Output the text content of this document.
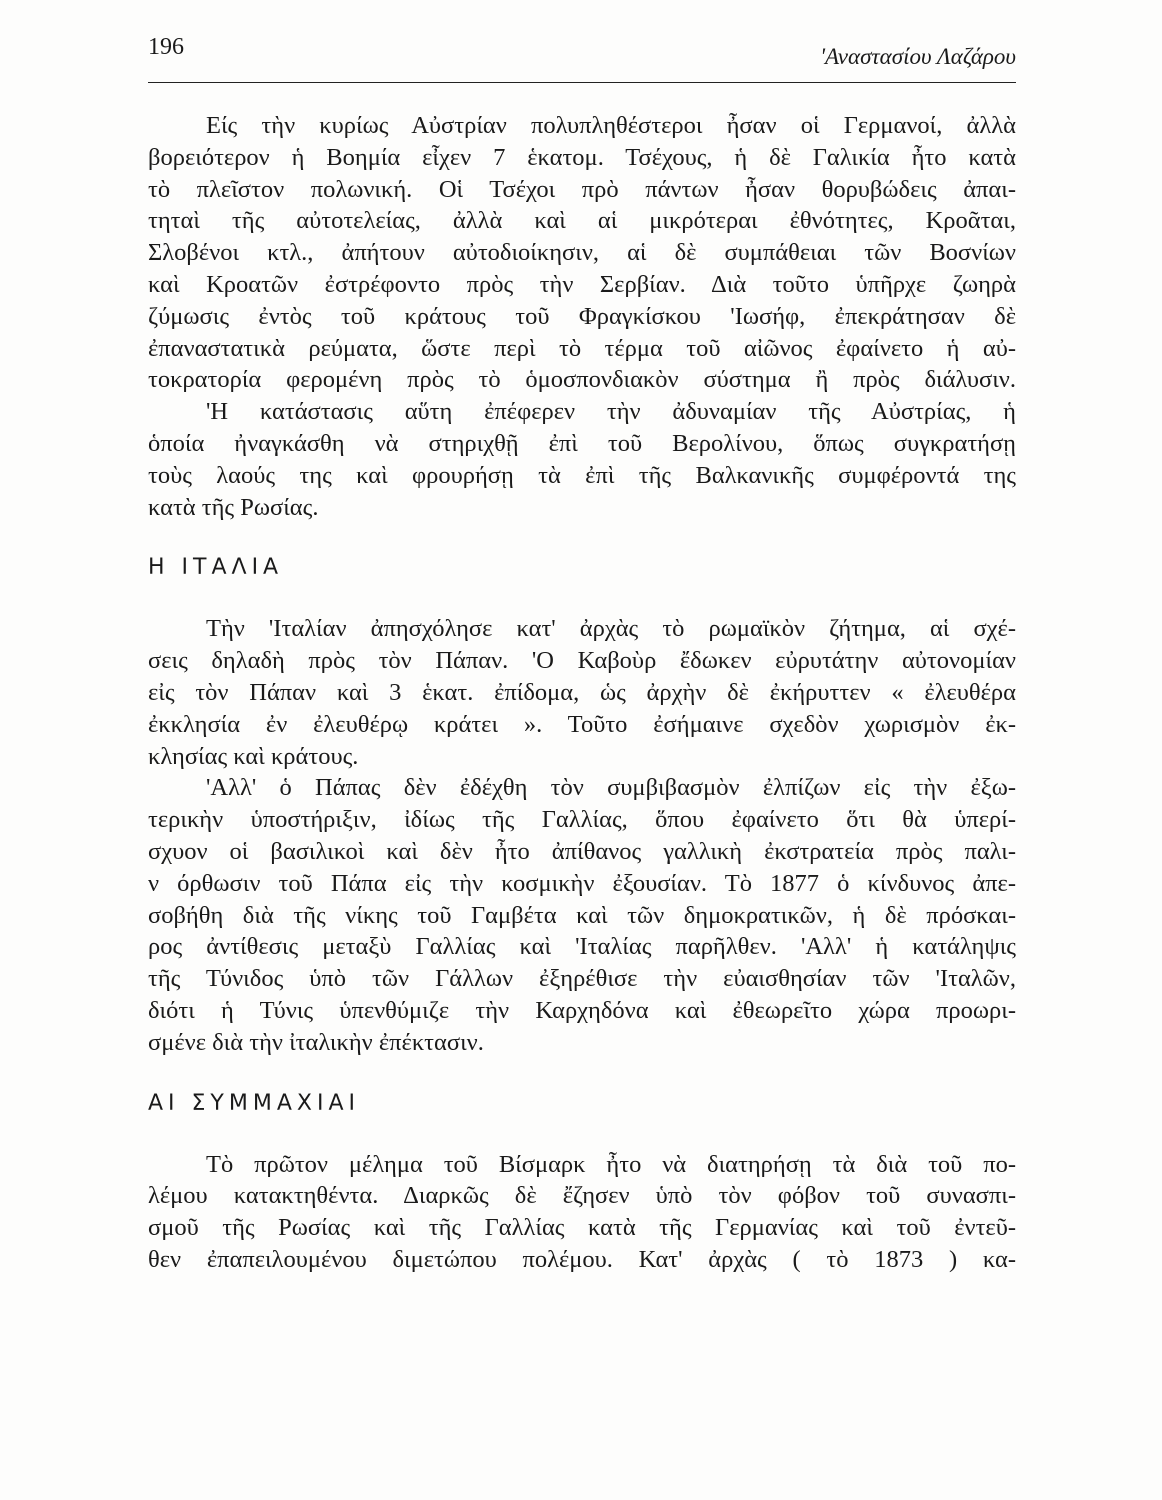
196	'Αναστασίου Λαζάρου
Είς τὴν κυρίως Αὐστρίαν πολυπληθέστεροι ἦσαν οἱ Γερμανοί, ἀλλὰ
βορειότερον ἡ Βοημία εἶχεν 7 ἑκατομ. Τσέχους, ἡ δὲ Γαλικία ἦτο κατὰ
τὸ πλεῖστον πολωνική. Οἱ Τσέχοι πρὸ πάντων ἦσαν θορυβώδεις ἀπαι-
τηταὶ τῆς αὐτοτελείας, ἀλλὰ καὶ αἱ μικρότεραι ἐθνότητες, Κροᾶται,
Σλοβένοι κτλ., ἀπήτουν αὐτοδιοίκησιν, αἱ δὲ συμπάθειαι τῶν Βοσνίων
καὶ Κροατῶν ἐστρέφοντο πρὸς τὴν Σερβίαν. Διὰ τοῦτο ὑπῆρχε ζωηρὰ
ζύμωσις ἐντὸς τοῦ κράτους τοῦ Φραγκίσκου 'Ιωσήφ, ἐπεκράτησαν δὲ
ἐπαναστατικὰ ρεύματα, ὥστε περὶ τὸ τέρμα τοῦ αἰῶνος ἐφαίνετο ἡ αὐ-
τοκρατορία φερομένη πρὸς τὸ ὁμοσπονδιακὸν σύστημα ἢ πρὸς διάλυσιν.
'Η κατάστασις αὕτη ἐπέφερεν τὴν ἀδυναμίαν τῆς Αὐστρίας, ἡ
ὁποία ἠναγκάσθη νὰ στηριχθῇ ἐπὶ τοῦ Βερολίνου, ὅπως συγκρατήσῃ
τοὺς λαούς της καὶ φρουρήσῃ τὰ ἐπὶ τῆς Βαλκανικῆς συμφέροντά της
κατὰ τῆς Ρωσίας.
Η ΙΤΑΛΙΑ
Τὴν 'Ιταλίαν ἀπησχόλησε κατ' ἀρχὰς τὸ ρωμαϊκὸν ζήτημα, αἱ σχέ-
σεις δηλαδὴ πρὸς τὸν Πάπαν. 'Ο Καβοὺρ ἔδωκεν εὐρυτάτην αὐτονομίαν
εἰς τὸν Πάπαν καὶ 3 ἑκατ. ἐπίδομα, ὡς ἀρχὴν δὲ ἐκήρυττεν « ἐλευθέρα
ἐκκλησία ἐν ἐλευθέρῳ κράτει ». Τοῦτο ἐσήμαινε σχεδὸν χωρισμὸν ἐκ-
κλησίας καὶ κράτους.
'Αλλ' ὁ Πάπας δὲν ἐδέχθη τὸν συμβιβασμὸν ἐλπίζων εἰς τὴν ἐξω-
τερικὴν ὑποστήριξιν, ἰδίως τῆς Γαλλίας, ὅπου ἐφαίνετο ὅτι θὰ ὑπερί-
σχυον οἱ βασιλικοὶ καὶ δὲν ἦτο ἀπίθανος γαλλικὴ ἐκστρατεία πρὸς παλι-
ν όρθωσιν τοῦ Πάπα εἰς τὴν κοσμικὴν ἐξουσίαν. Τὸ 1877 ὁ κίνδυνος ἀπε-
σοβήθη διὰ τῆς νίκης τοῦ Γαμβέτα καὶ τῶν δημοκρατικῶν, ἡ δὲ πρόσκαι-
ρος ἀντίθεσις μεταξὺ Γαλλίας καὶ 'Ιταλίας παρῆλθεν. 'Αλλ' ἡ κατάληψις
τῆς Τύνιδος ὑπὸ τῶν Γάλλων ἐξηρέθισε τὴν εὐαισθησίαν τῶν 'Ιταλῶν,
διότι ἡ Τύνις ὑπενθύμιζε τὴν Καρχηδόνα καὶ ἐθεωρεῖτο χώρα προωρι-
σμένε διὰ τὴν ἰταλικὴν ἐπέκτασιν.
ΑΙ ΣΥΜΜΑΧΙΑΙ
Τὸ πρῶτον μέλημα τοῦ Βίσμαρκ ἦτο νὰ διατηρήσῃ τὰ διὰ τοῦ πο-
λέμου κατακτηθέντα. Διαρκῶς δὲ ἔζησεν ὑπὸ τὸν φόβον τοῦ συνασπι-
σμοῦ τῆς Ρωσίας καὶ τῆς Γαλλίας κατὰ τῆς Γερμανίας καὶ τοῦ ἐντεῦ-
θεν ἐπαπειλουμένου διμετώπου πολέμου. Κατ' ἀρχὰς ( τὸ 1873 ) κα-
